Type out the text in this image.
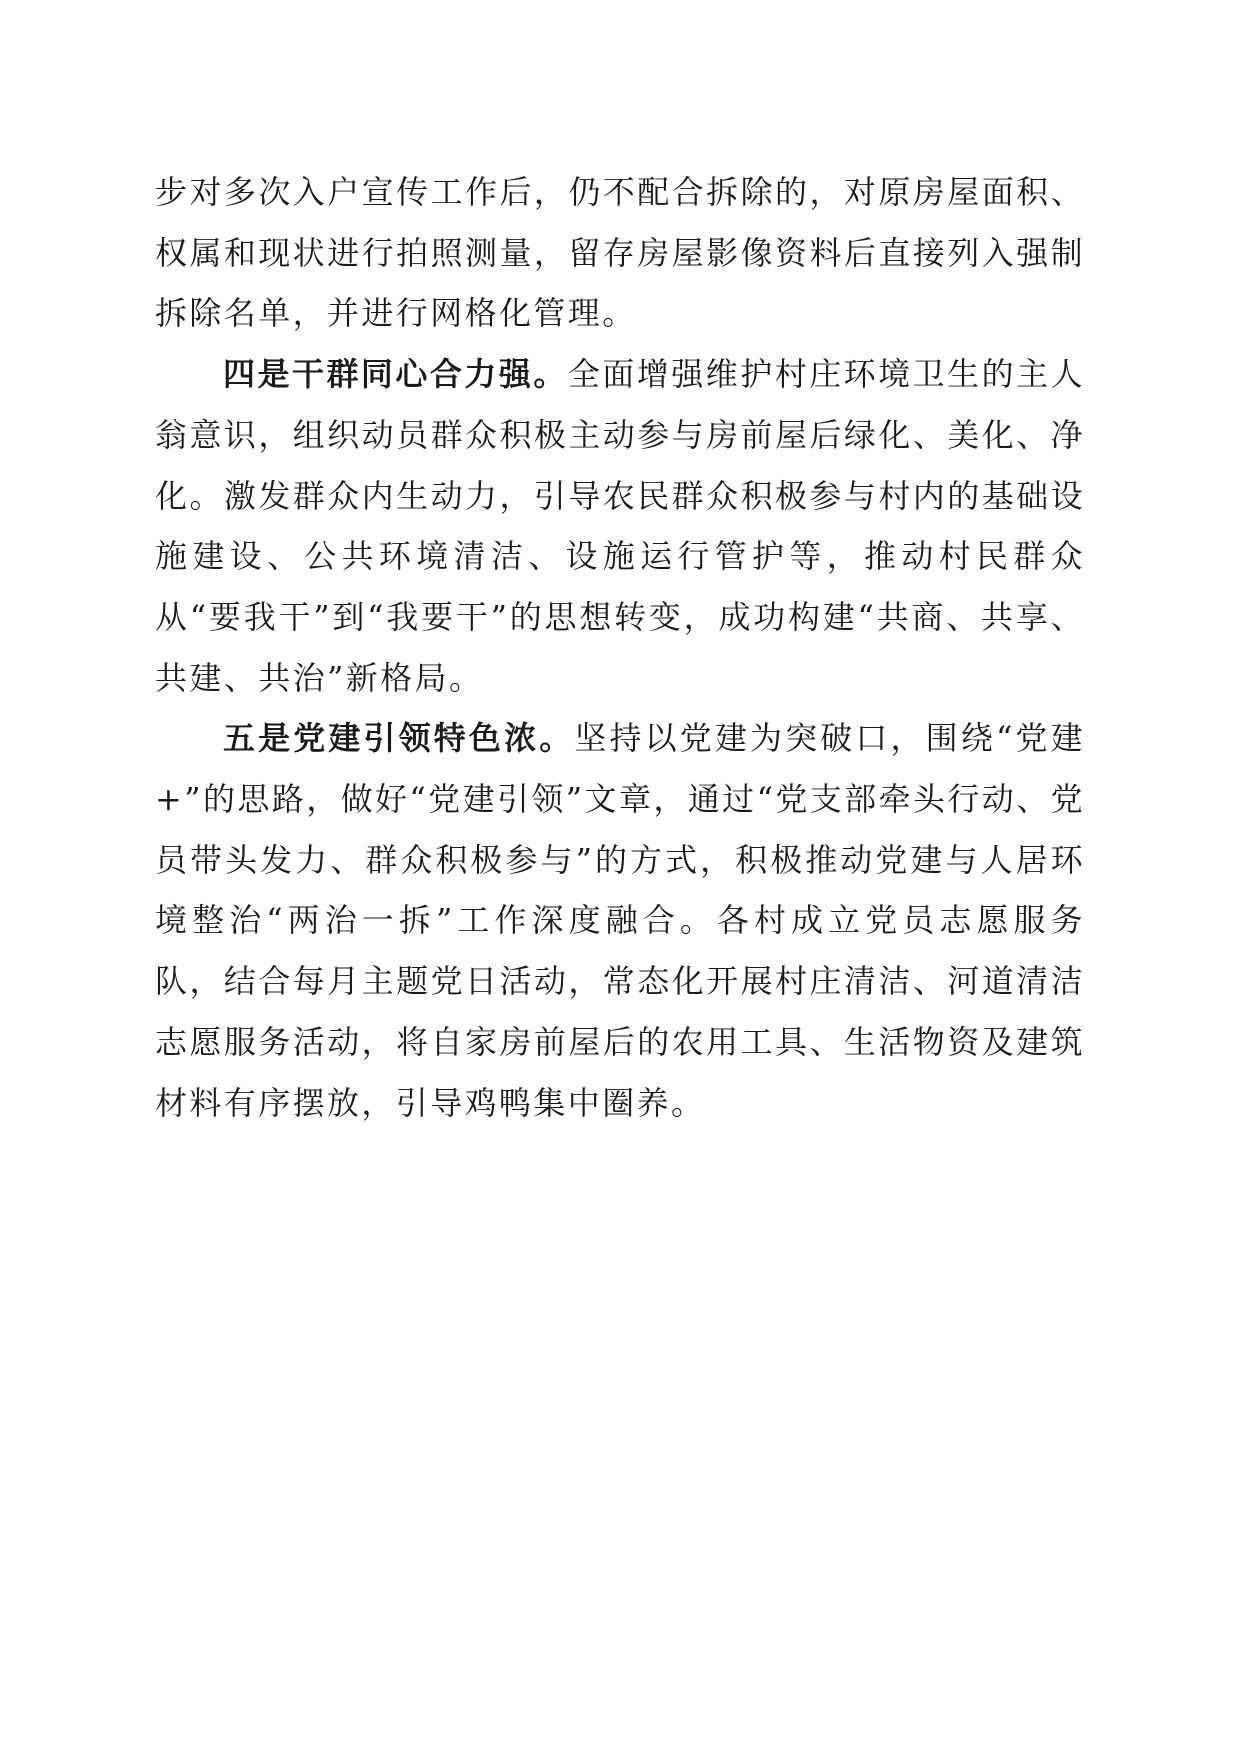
步对多次入户宣传工作后，仍不配合拆除的，对原房屋面积、权属和现状进行拍照测量，留存房屋影像资料后直接列入强制拆除名单，并进行网格化管理。

四是干群同心合力强。全面增强维护村庄环境卫生的主人翁意识，组织动员群众积极主动参与房前屋后绿化、美化、净化。激发群众内生动力，引导农民群众积极参与村内的基础设施建设、公共环境清洁、设施运行管护等，推动村民群众从“要我干”到“我要干”的思想转变，成功构建“共商、共享、共建、共治”新格局。

五是党建引领特色浓。坚持以党建为突破口，围绕“党建+”的思路，做好“党建引领”文章，通过“党支部牵头行动、党员带头发力、群众积极参与”的方式，积极推动党建与人居环境整治“两治一拆”工作深度融合。各村成立党员志愿服务队，结合每月主题党日活动，常态化开展村庄清洁、河道清洁志愿服务活动，将自家房前屋后的农用工具、生活物资及建筑材料有序摆放，引导鸡鸭集中圈养。
